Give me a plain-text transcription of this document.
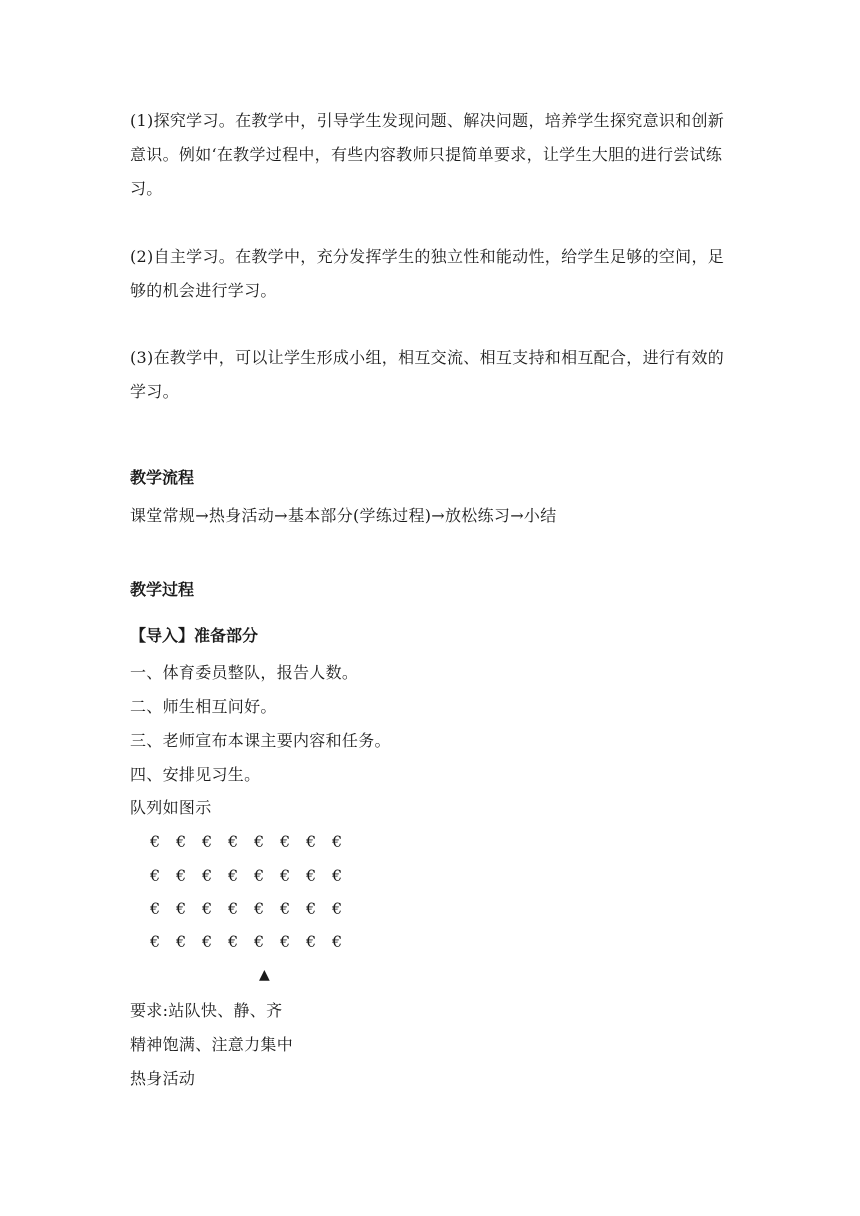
(1)探究学习。在教学中，引导学生发现问题、解决问题，培养学生探究意识和创新意识。例如‘在教学过程中，有些内容教师只提简单要求，让学生大胆的进行尝试练习。
(2)自主学习。在教学中，充分发挥学生的独立性和能动性，给学生足够的空间，足够的机会进行学习。
(3)在教学中，可以让学生形成小组，相互交流、相互支持和相互配合，进行有效的学习。
教学流程
课堂常规→热身活动→基本部分(学练过程)→放松练习→小结
教学过程
【导入】准备部分
一、体育委员整队，报告人数。
二、师生相互问好。
三、老师宣布本课主要内容和任务。
四、安排见习生。
队列如图示
€ € € € € € € €
€ € € € € € € €
€ € € € € € € €
€ € € € € € € €
▲
要求:站队快、静、齐
精神饱满、注意力集中
热身活动
